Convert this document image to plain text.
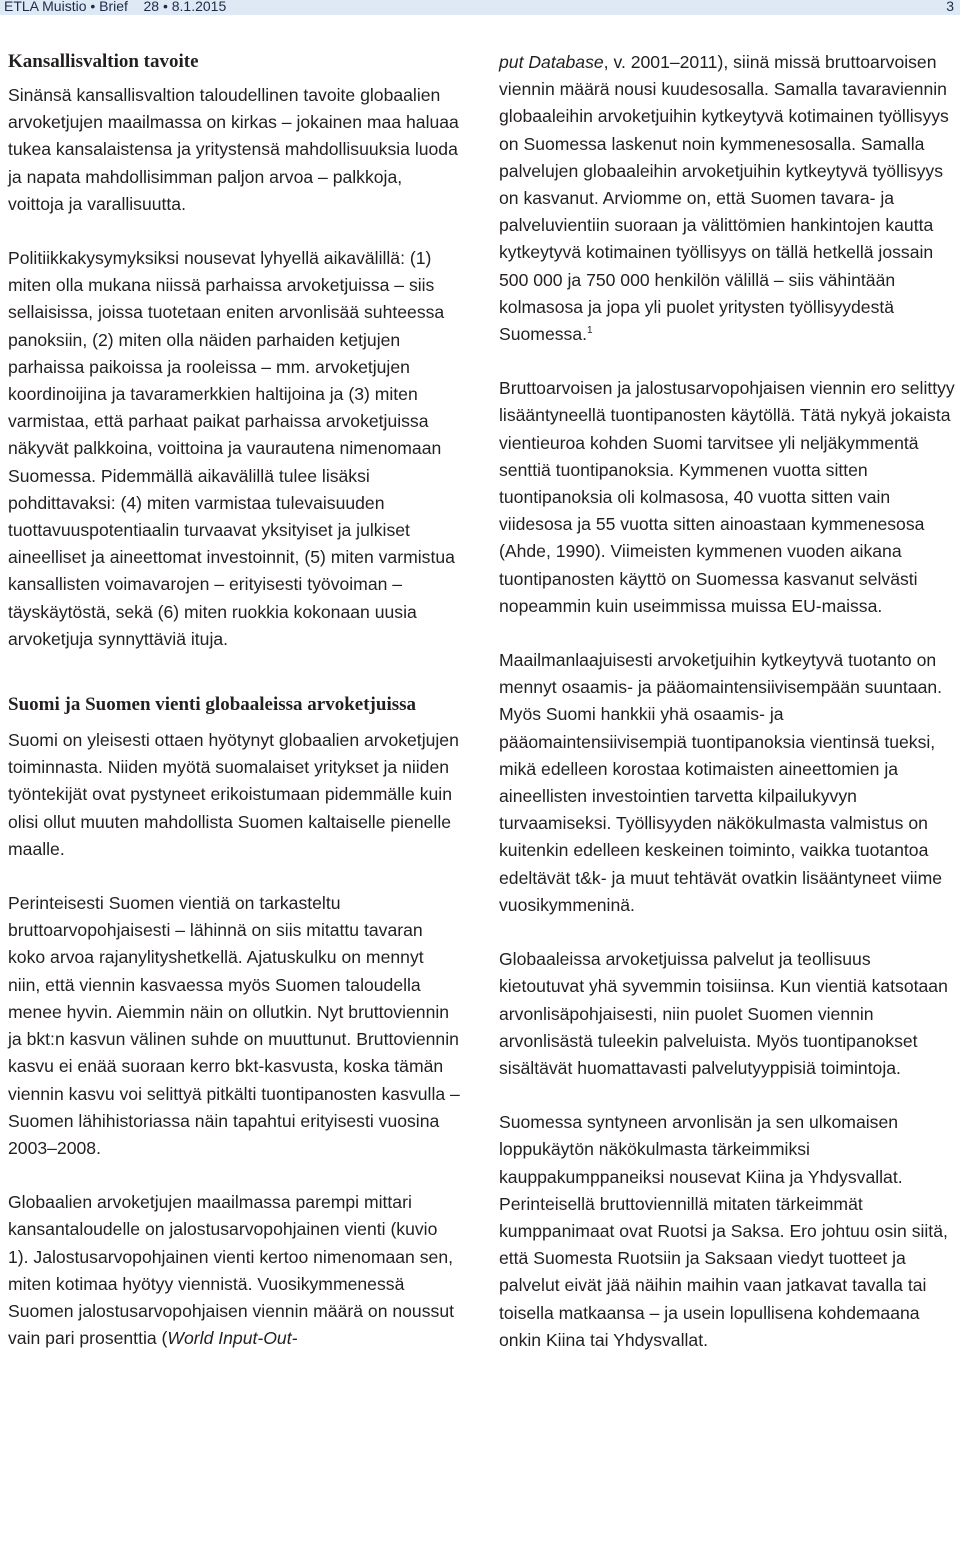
ETLA Muistio • Brief    28 • 8.1.2015	3
Kansallisvaltion tavoite

Sinänsä kansallisvaltion taloudellinen tavoite globaalien arvoketjujen maailmassa on kirkas – jokainen maa haluaa tukea kansalaistensa ja yritystensä mahdollisuuksia luoda ja napata mahdollisimman paljon arvoa – palkkoja, voittoja ja varallisuutta.

Politiikkakysymyksiksi nousevat lyhyellä aikavälillä: (1) miten olla mukana niissä parhaissa arvoketjuissa – siis sellaisissa, joissa tuotetaan eniten arvonlisää suhteessa panoksiin, (2) miten olla näiden parhaiden ketjujen parhaissa paikoissa ja rooleissa – mm. arvoketjujen koordinoijina ja tavaramerkkien haltijoina ja (3) miten varmistaa, että parhaat paikat parhaissa arvoketjuissa näkyvät palkkoina, voittoina ja vaurautena nimenomaan Suomessa. Pidemmällä aikavälillä tulee lisäksi pohdittavaksi: (4) miten varmistaa tulevaisuuden tuottavuuspotentiaalin turvaavat yksityiset ja julkiset aineelliset ja aineettomat investoinnit, (5) miten varmistua kansallisten voimavarojen – erityisesti työvoiman – täyskäytöstä, sekä (6) miten ruokkia kokonaan uusia arvoketjuja synnyttäviä ituja.

Suomi ja Suomen vienti globaaleissa arvoketjuissa

Suomi on yleisesti ottaen hyötynyt globaalien arvoketjujen toiminnasta. Niiden myötä suomalaiset yritykset ja niiden työntekijät ovat pystyneet erikoistumaan pidemmälle kuin olisi ollut muuten mahdollista Suomen kaltaiselle pienelle maalle.

Perinteisesti Suomen vientiä on tarkasteltu bruttoarvopohjaisesti – lähinnä on siis mitattu tavaran koko arvoa rajanylityshetkellä. Ajatuskulku on mennyt niin, että viennin kasvaessa myös Suomen taloudella menee hyvin. Aiemmin näin on ollutkin. Nyt bruttoviennin ja bkt:n kasvun välinen suhde on muuttunut. Bruttoviennin kasvu ei enää suoraan kerro bkt-kasvusta, koska tämän viennin kasvu voi selittyä pitkälti tuontipanosten kasvulla – Suomen lähihistoriassa näin tapahtui erityisesti vuosina 2003–2008.

Globaalien arvoketjujen maailmassa parempi mittari kansantaloudelle on jalostusarvopohjainen vienti (kuvio 1). Jalostusarvopohjainen vienti kertoo nimenomaan sen, miten kotimaa hyötyy viennistä. Vuosikymmenessä Suomen jalostusarvopohjaisen viennin määrä on noussut vain pari prosenttia (World Input-Out-

put Database, v. 2001–2011), siinä missä bruttoarvoisen viennin määrä nousi kuudesosalla. Samalla tavaraviennin globaaleihin arvoketjuihin kytkeytyvä kotimainen työllisyys on Suomessa laskenut noin kymmenesosalla. Samalla palvelujen globaaleihin arvoketjuihin kytkeytyvä työllisyys on kasvanut. Arviomme on, että Suomen tavara- ja palveluvientiin suoraan ja välittömien hankintojen kautta kytkeytyvä kotimainen työllisyys on tällä hetkellä jossain 500 000 ja 750 000 henkilön välillä – siis vähintään kolmasosa ja jopa yli puolet yritysten työllisyydestä Suomessa.$^1$

Bruttoarvoisen ja jalostusarvopohjaisen viennin ero selittyy lisääntyneellä tuontipanosten käytöllä. Tätä nykyä jokaista vientieuroa kohden Suomi tarvitsee yli neljäkymmentä senttiä tuontipanoksia. Kymmenen vuotta sitten tuontipanoksia oli kolmasosa, 40 vuotta sitten vain viidesosa ja 55 vuotta sitten ainoastaan kymmenesosa (Ahde, 1990). Viimeisten kymmenen vuoden aikana tuontipanosten käyttö on Suomessa kasvanut selvästi nopeammin kuin useimmissa muissa EU-maissa.

Maailmanlaajuisesti arvoketjuihin kytkeytyvä tuotanto on mennyt osaamis- ja pääomaintensiivisempään suuntaan. Myös Suomi hankkii yhä osaamis- ja pääomaintensiivisempiä tuontipanoksia vientinsä tueksi, mikä edelleen korostaa kotimaisten aineettomien ja aineellisten investointien tarvetta kilpailukyvyn turvaamiseksi. Työllisyyden näkökulmasta valmistus on kuitenkin edelleen keskeinen toiminto, vaikka tuotantoa edeltävät t&k- ja muut tehtävät ovatkin lisääntyneet viime vuosikymmeninä.

Globaaleissa arvoketjuissa palvelut ja teollisuus kietoutuvat yhä syvemmin toisiinsa. Kun vientiä katsotaan arvonlisäpohjaisesti, niin puolet Suomen viennin arvonlisästä tuleekin palveluista. Myös tuontipanokset sisältävät huomattavasti palvelutyyppisiä toimintoja.

Suomessa syntyneen arvonlisän ja sen ulkomaisen loppukäytön näkökulmasta tärkeimmiksi kauppakumppaneiksi nousevat Kiina ja Yhdysvallat. Perinteisellä bruttoviennillä mitaten tärkeimmät kumppanimaat ovat Ruotsi ja Saksa. Ero johtuu osin siitä, että Suomesta Ruotsiin ja Saksaan viedyt tuotteet ja palvelut eivät jää näihin maihin vaan jatkavat tavalla tai toisella matkaansa – ja usein lopullisena kohdemaana onkin Kiina tai Yhdysvallat.
